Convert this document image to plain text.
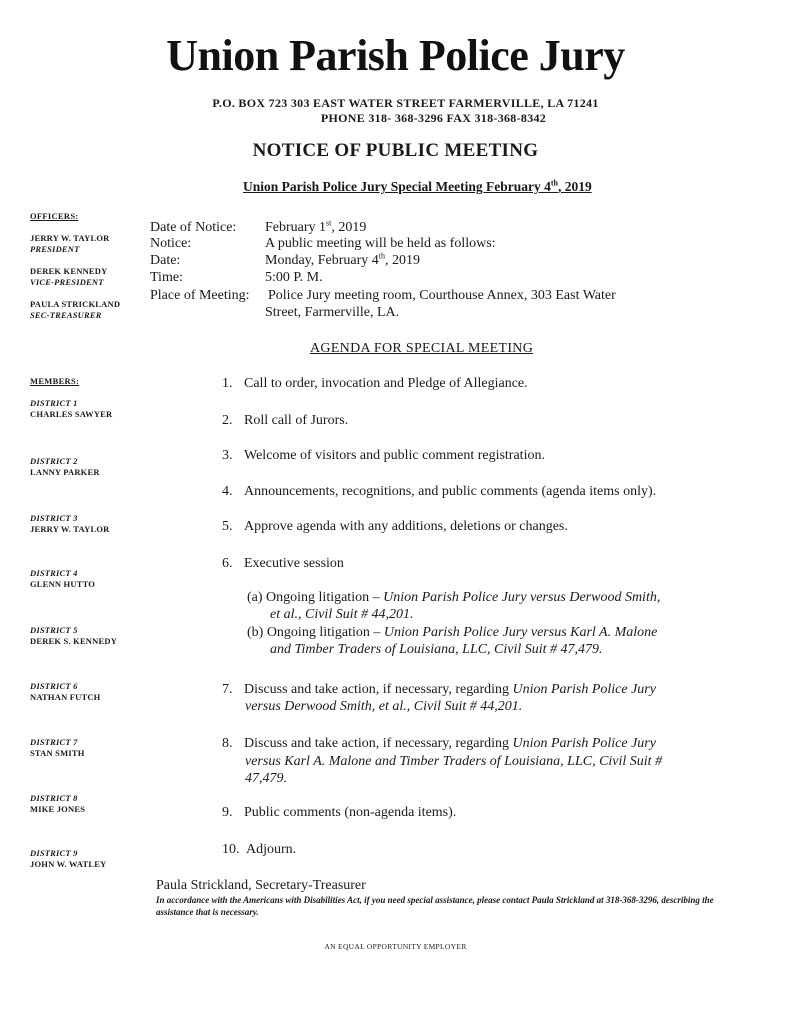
Union Parish Police Jury
P.O. BOX 723 303 EAST WATER STREET FARMERVILLE, LA 71241
PHONE 318- 368-3296 FAX 318-368-8342
NOTICE OF PUBLIC MEETING
Union Parish Police Jury Special Meeting February 4th, 2019
OFFICERS:
JERRY W. TAYLOR
PRESIDENT
DEREK KENNEDY
VICE-PRESIDENT
PAULA STRICKLAND
SEC-TREASURER
MEMBERS:
DISTRICT 1
CHARLES SAWYER
DISTRICT 2
LANNY PARKER
DISTRICT 3
JERRY W. TAYLOR
DISTRICT 4
GLENN HUTTO
DISTRICT 5
DEREK S. KENNEDY
DISTRICT 6
NATHAN FUTCH
DISTRICT 7
STAN SMITH
DISTRICT 8
MIKE JONES
DISTRICT 9
JOHN W. WATLEY
Date of Notice: February 1st, 2019
Notice:	A public meeting will be held as follows:
Date:	Monday, February 4th, 2019
Time:	5:00 P. M.
Place of Meeting: Police Jury meeting room, Courthouse Annex, 303 East Water
Street, Farmerville, LA.
AGENDA FOR SPECIAL MEETING
1. Call to order, invocation and Pledge of Allegiance.
2. Roll call of Jurors.
3. Welcome of visitors and public comment registration.
4. Announcements, recognitions, and public comments (agenda items only).
5. Approve agenda with any additions, deletions or changes.
6. Executive session
(a) Ongoing litigation – Union Parish Police Jury versus Derwood Smith,
et al., Civil Suit # 44,201.
(b) Ongoing litigation – Union Parish Police Jury versus Karl A. Malone
and Timber Traders of Louisiana, LLC, Civil Suit # 47,479.
7. Discuss and take action, if necessary, regarding Union Parish Police Jury
versus Derwood Smith, et al., Civil Suit # 44,201.
8. Discuss and take action, if necessary, regarding Union Parish Police Jury
versus Karl A. Malone and Timber Traders of Louisiana, LLC, Civil Suit #
47,479.
9. Public comments (non-agenda items).
10. Adjourn.
Paula Strickland, Secretary-Treasurer
In accordance with the Americans with Disabilities Act, if you need special assistance, please contact Paula Strickland at 318-368-3296, describing the assistance that is necessary.
AN EQUAL OPPORTUNITY EMPLOYER
